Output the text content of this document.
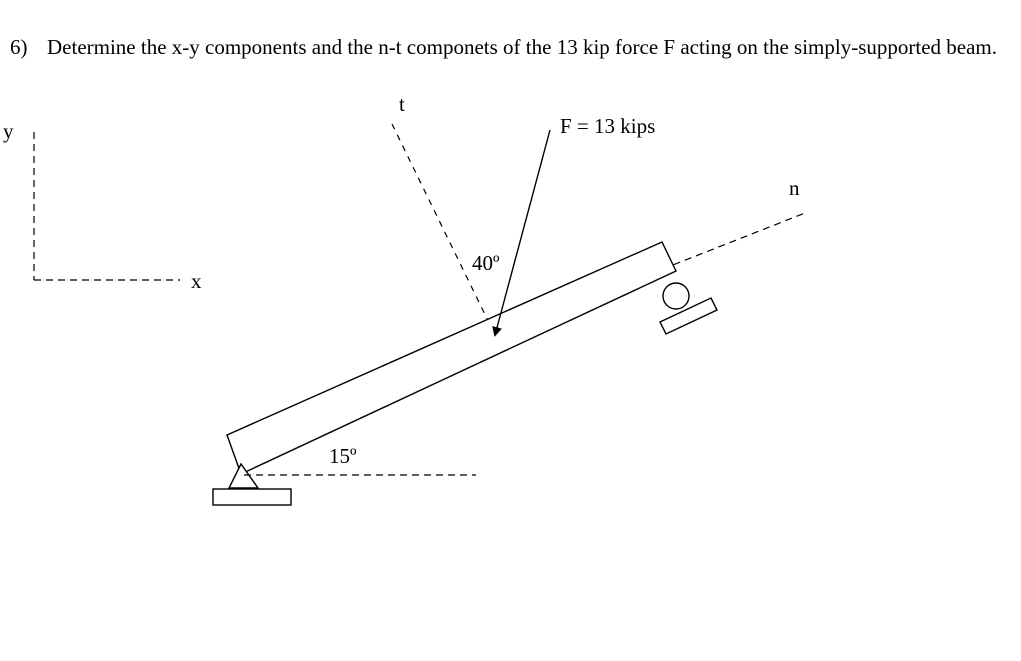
6) Determine the x-y components and the n-t componets of the 13 kip force F acting on the simply-supported beam.
y
x
t
n
15º
F = 13 kips
40º
